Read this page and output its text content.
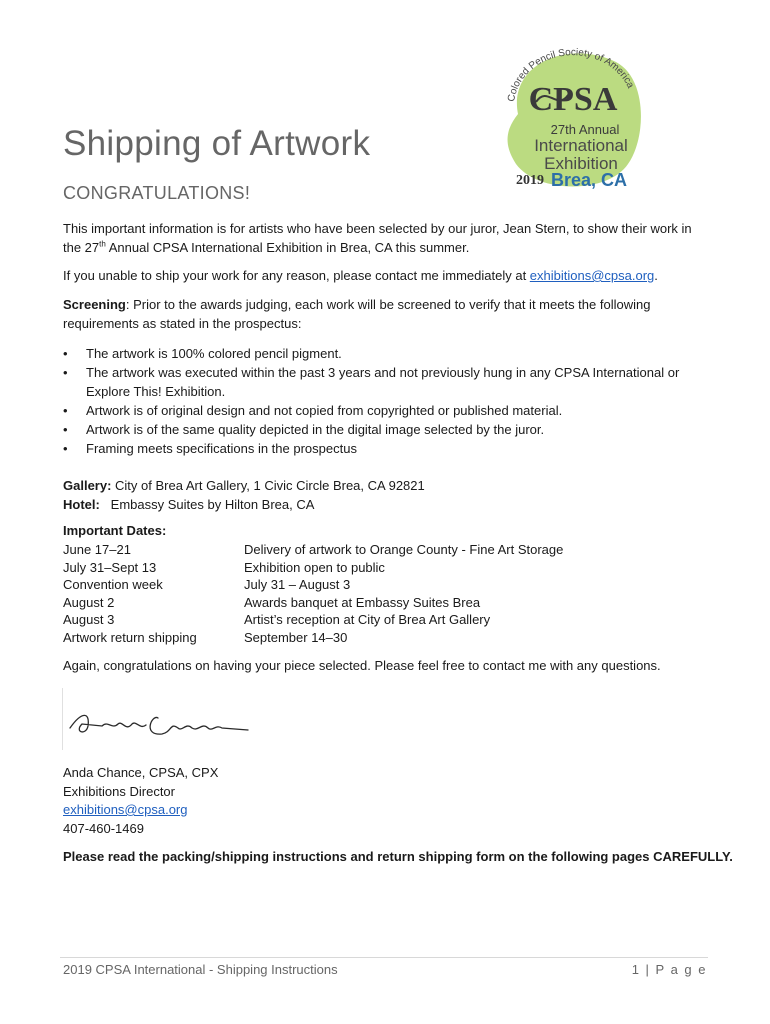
Colored Pencil Society of America
CPSA
27th Annual
International
Exhibition
2019 Brea, CA
Shipping of Artwork
CONGRATULATIONS!
This important information is for artists who have been selected by our juror, Jean Stern, to show their work in the 27th Annual CPSA International Exhibition in Brea, CA this summer.
If you unable to ship your work for any reason, please contact me immediately at exhibitions@cpsa.org.
Screening: Prior to the awards judging, each work will be screened to verify that it meets the following requirements as stated in the prospectus:
• The artwork is 100% colored pencil pigment.
• The artwork was executed within the past 3 years and not previously hung in any CPSA International or Explore This! Exhibition.
• Artwork is of original design and not copied from copyrighted or published material.
• Artwork is of the same quality depicted in the digital image selected by the juror.
• Framing meets specifications in the prospectus
Gallery: City of Brea Art Gallery, 1 Civic Circle Brea, CA 92821
Hotel:   Embassy Suites by Hilton Brea, CA
Important Dates:
June 17–21	Delivery of artwork to Orange County - Fine Art Storage
July 31–Sept 13	Exhibition open to public
Convention week	July 31 – August 3
August 2	Awards banquet at Embassy Suites Brea
August 3	Artist’s reception at City of Brea Art Gallery
Artwork return shipping	September 14–30
Again, congratulations on having your piece selected. Please feel free to contact me with any questions.
Anda Chance, CPSA, CPX
Exhibitions Director
exhibitions@cpsa.org
407-460-1469
Please read the packing/shipping instructions and return shipping form on the following pages CAREFULLY.
2019 CPSA International - Shipping Instructions	1 | P a g e
